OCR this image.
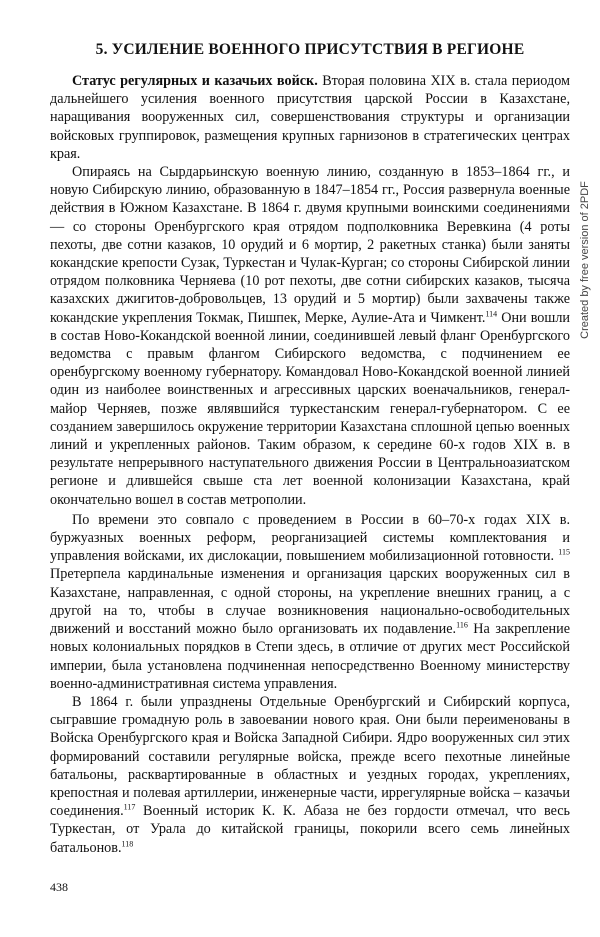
5. УСИЛЕНИЕ ВОЕННОГО ПРИСУТСТВИЯ В РЕГИОНЕ

Статус регулярных и казачьих войск. Вторая половина XIX в. стала периодом дальнейшего усиления военного присутствия царской России в Казахстане, наращивания вооруженных сил, совершенствования структуры и организации войсковых группировок, размещения крупных гарнизонов в стратегических центрах края.

Опираясь на Сырдарьинскую военную линию, созданную в 1853–1864 гг., и новую Сибирскую линию, образованную в 1847–1854 гг., Россия развернула военные действия в Южном Казахстане. В 1864 г. двумя крупными воинскими соединениями — со стороны Оренбургского края отрядом подполковника Веревкина (4 роты пехоты, две сотни казаков, 10 орудий и 6 мортир, 2 ракетных станка) были заняты кокандские крепости Сузак, Туркестан и Чулак-Курган; со стороны Сибирской линии отрядом полковника Черняева (10 рот пехоты, две сотни сибирских казаков, тысяча казахских джигитов-добровольцев, 13 орудий и 5 мортир) были захвачены также кокандские укрепления Токмак, Пишпек, Мерке, Аулие-Ата и Чимкент.$^{114}$ Они вошли в состав Ново-Кокандской военной линии, соединившей левый фланг Оренбургского ведомства с правым флангом Сибирского ведомства, с подчинением ее оренбургскому военному губернатору. Командовал Ново-Кокандской военной линией один из наиболее воинственных и агрессивных царских военачальников, генерал-майор Черняев, позже являвшийся туркестанским генерал-губернатором. С ее созданием завершилось окружение территории Казахстана сплошной цепью военных линий и укрепленных районов. Таким образом, к середине 60-х годов XIX в. в результате непрерывного наступательного движения России в Центральноазиатском регионе и длившейся свыше ста лет военной колонизации Казахстана, край окончательно вошел в состав метрополии.

По времени это совпало с проведением в России в 60–70-х годах XIX в. буржуазных военных реформ, реорганизацией системы комплектования и управления войсками, их дислокации, повышением мобилизационной готовности. $^{115}$ Претерпела кардинальные изменения и организация царских вооруженных сил в Казахстане, направленная, с одной стороны, на укрепление внешних границ, а с другой на то, чтобы в случае возникновения национально-освободительных движений и восстаний можно было организовать их подавление.$^{116}$ На закрепление новых колониальных порядков в Степи здесь, в отличие от других мест Российской империи, была установлена подчиненная непосредственно Военному министерству военно-административная система управления.

В 1864 г. были упразднены Отдельные Оренбургский и Сибирский корпуса, сыгравшие громадную роль в завоевании нового края. Они были переименованы в Войска Оренбургского края и Войска Западной Сибири. Ядро вооруженных сил этих формирований составили регулярные войска, прежде всего пехотные линейные батальоны, расквартированные в областных и уездных городах, укреплениях, крепостная и полевая артиллерии, инженерные части, иррегулярные войска – казачьи соединения.$^{117}$ Военный историк К. К. Абаза не без гордости отмечал, что весь Туркестан, от Урала до китайской границы, покорили всего семь линейных батальонов.$^{118}$

438
Created by free version of 2PDF
